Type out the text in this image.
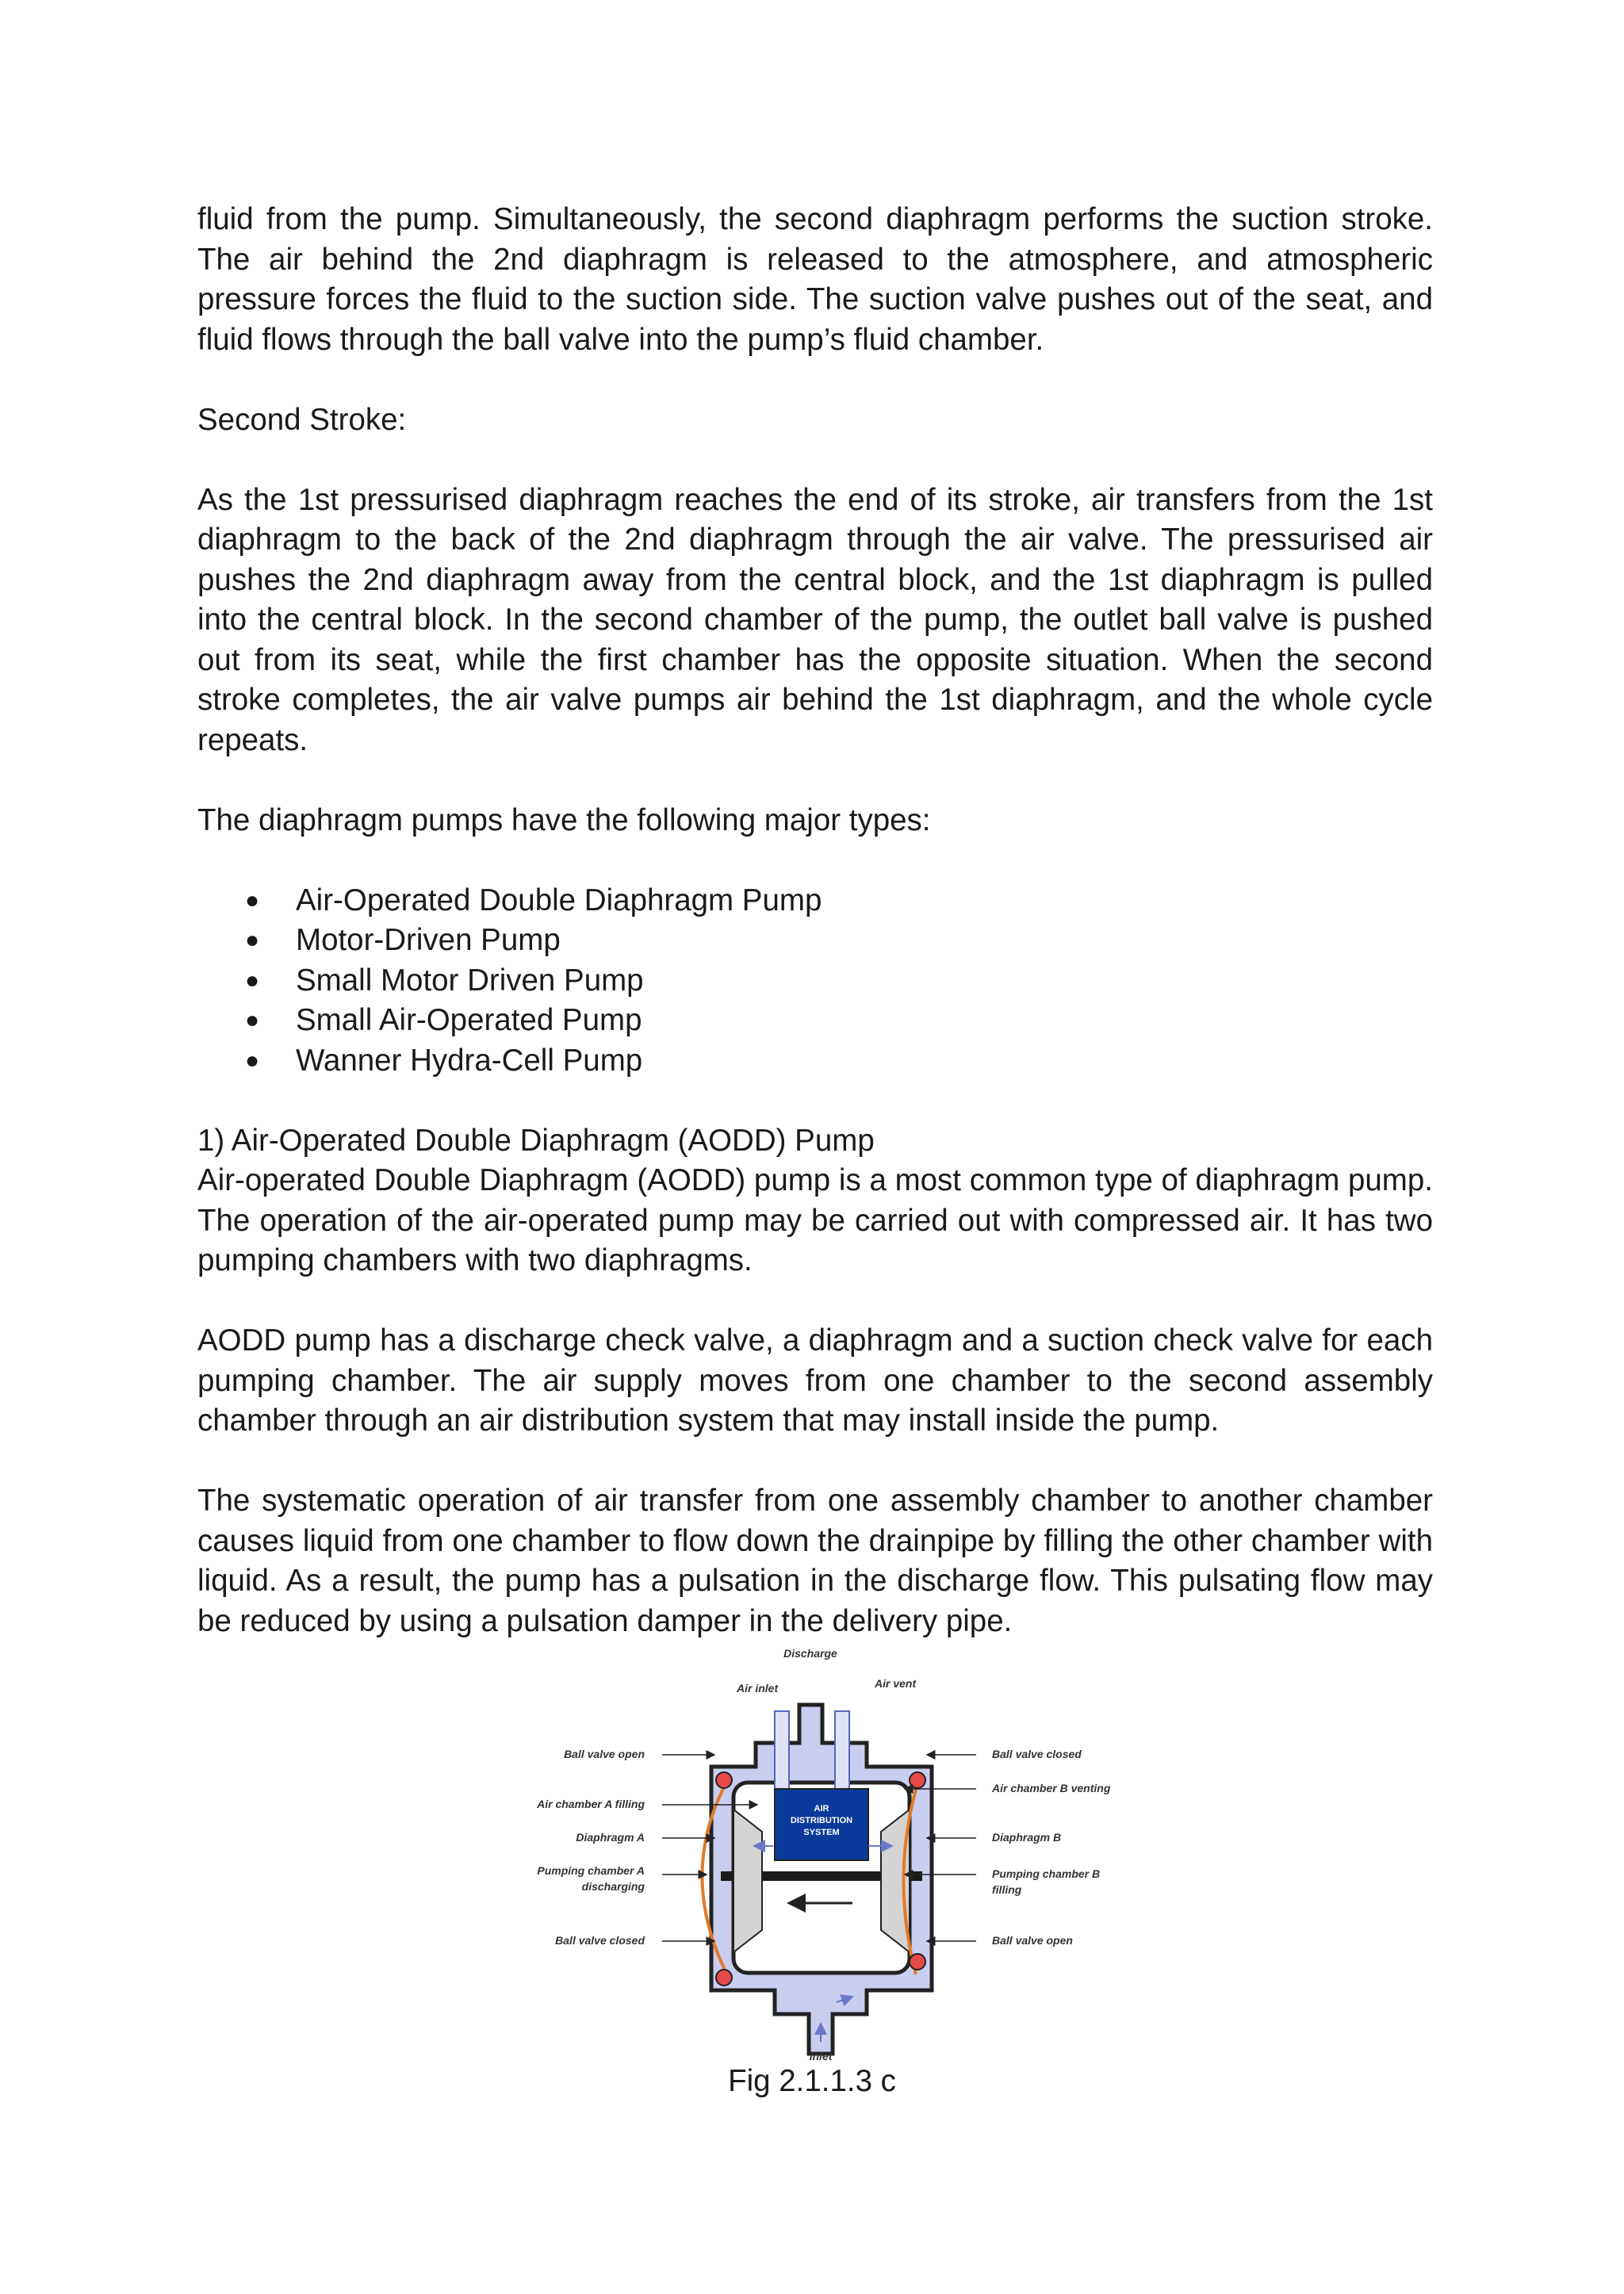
fluid from the pump. Simultaneously, the second diaphragm performs the suction stroke. The air behind the 2nd diaphragm is released to the atmosphere, and atmospheric pressure forces the fluid to the suction side. The suction valve pushes out of the seat, and fluid flows through the ball valve into the pump’s fluid chamber.

Second Stroke:

As the 1st pressurised diaphragm reaches the end of its stroke, air transfers from the 1st diaphragm to the back of the 2nd diaphragm through the air valve. The pressurised air pushes the 2nd diaphragm away from the central block, and the 1st diaphragm is pulled into the central block. In the second chamber of the pump, the outlet ball valve is pushed out from its seat, while the first chamber has the opposite situation. When the second stroke completes, the air valve pumps air behind the 1st diaphragm, and the whole cycle repeats.

The diaphragm pumps have the following major types:

● Air-Operated Double Diaphragm Pump
● Motor-Driven Pump
● Small Motor Driven Pump
● Small Air-Operated Pump
● Wanner Hydra-Cell Pump

1) Air-Operated Double Diaphragm (AODD) Pump

Air-operated Double Diaphragm (AODD) pump is a most common type of diaphragm pump. The operation of the air-operated pump may be carried out with compressed air. It has two pumping chambers with two diaphragms.

AODD pump has a discharge check valve, a diaphragm and a suction check valve for each pumping chamber. The air supply moves from one chamber to the second assembly chamber through an air distribution system that may install inside the pump.

The systematic operation of air transfer from one assembly chamber to another chamber causes liquid from one chamber to flow down the drainpipe by filling the other chamber with liquid. As a result, the pump has a pulsation in the discharge flow. This pulsating flow may be reduced by using a pulsation damper in the delivery pipe.

AIR
DISTRIBUTION
SYSTEM
Discharge
Air inlet	Air vent
Ball valve open
Air chamber A filling
Diaphragm A
Pumping chamber A
discharging
Ball valve closed
Ball valve closed
Air chamber B venting
Diaphragm B
Pumping chamber B
filling
Ball valve open
Inlet
Fig 2.1.1.3 c
